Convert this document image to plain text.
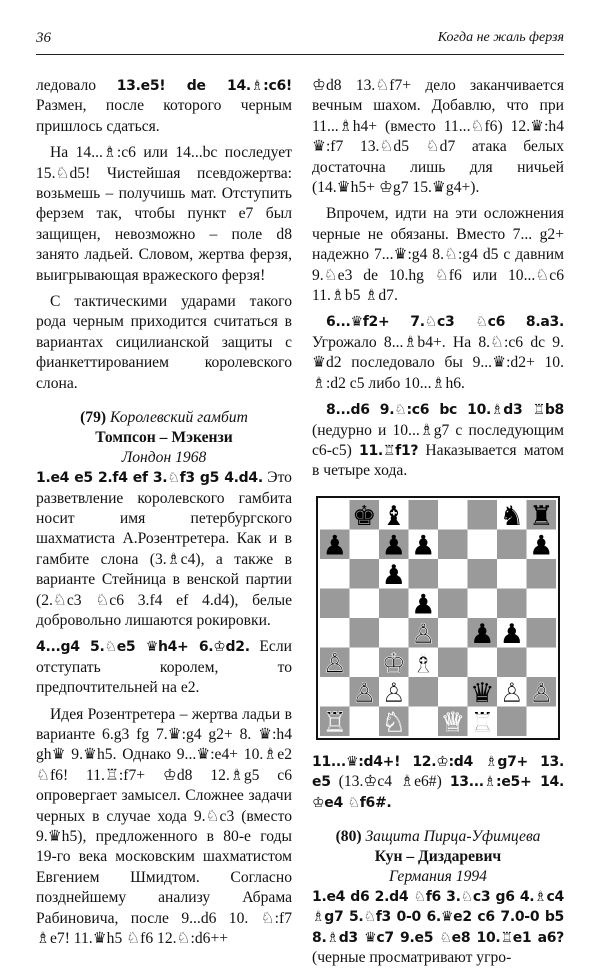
36	Когда не жаль ферзя

ледовало 13.e5! de 14.♗:c6! Размен, после которого черным пришлось сдаться.

На 14...♗:c6 или 14...bc последует 15.♘d5! Чистейшая псевдожертва: возьмешь – получишь мат. Отступить ферзем так, чтобы пункт e7 был защищен, невозможно – поле d8 занято ладьей. Словом, жертва ферзя, выигрывающая вражеского ферзя!

С тактическими ударами такого рода черным приходится считаться в вариантах сицилианской защиты с фианкеттированием королевского слона.

(79) Королевский гамбит
Томпсон – Мэкензи
Лондон 1968

1.e4 e5 2.f4 ef 3.♘f3 g5 4.d4. Это разветвление королевского гамбита носит имя петербургского шахматиста А.Розентретера. Как и в гамбите слона (3.♗c4), а также в варианте Стейница в венской партии (2.♘c3 ♘c6 3.f4 ef 4.d4), белые добровольно лишаются рокировки.

4...g4 5.♘e5 ♛h4+ 6.♔d2. Если отступать королем, то предпочтительней на e2.

Идея Розентретера – жертва ладьи в варианте 6.g3 fg 7.♛:g4 g2+ 8. ♛:h4 gh♛ 9.♛h5. Однако 9...♛:e4+ 10.♗e2 ♘f6! 11.♖:f7+ ♔d8 12.♗g5 c6 опровергает замысел. Сложнее задачи черных в случае хода 9.♘c3 (вместо 9.♛h5), предложенного в 80-е годы 19-го века московским шахматистом Евгением Шмидтом. Согласно позднейшему анализу Абрама Рабиновича, после 9...d6 10. ♘:f7 ♗e7! 11.♛h5 ♘f6 12.♘:d6++

♔d8 13.♘f7+ дело заканчивается вечным шахом. Добавлю, что при 11...♗h4+ (вместо 11...♘f6) 12.♛:h4 ♛:f7 13.♘d5 ♘d7 атака белых достаточна лишь для ничьей (14.♛h5+ ♔g7 15.♛g4+).

Впрочем, идти на эти осложнения черные не обязаны. Вместо 7... g2+ надежно 7...♛:g4 8.♘:g4 d5 с давним 9.♘e3 de 10.hg ♘f6 или 10...♘c6 11.♗b5 ♗d7.

6...♛f2+ 7.♘c3 ♘c6 8.a3. Угрожало 8...♗b4+. На 8.♘:c6 dc 9. ♛d2 последовало бы 9...♛:d2+ 10. ♗:d2 c5 либо 10...♗h6.

8...d6 9.♘:c6 bc 10.♗d3 ♖b8 (недурно и 10...♗g7 с последующим c6-c5) 11.♖f1? Наказывается матом в четыре хода.

11...♛:d4+! 12.♔:d4 ♗g7+ 13. e5 (13.♔c4 ♗e6#) 13...♗:e5+ 14. ♔e4 ♘f6#.

(80) Защита Пирца-Уфимцева
Кун – Диздаревич
Германия 1994

1.e4 d6 2.d4 ♘f6 3.♘c3 g6 4.♗c4 ♗g7 5.♘f3 0-0 6.♛e2 c6 7.0-0 b5 8.♗d3 ♛c7 9.e5 ♘e8 10.♖e1 a6? (черные просматривают угро-
